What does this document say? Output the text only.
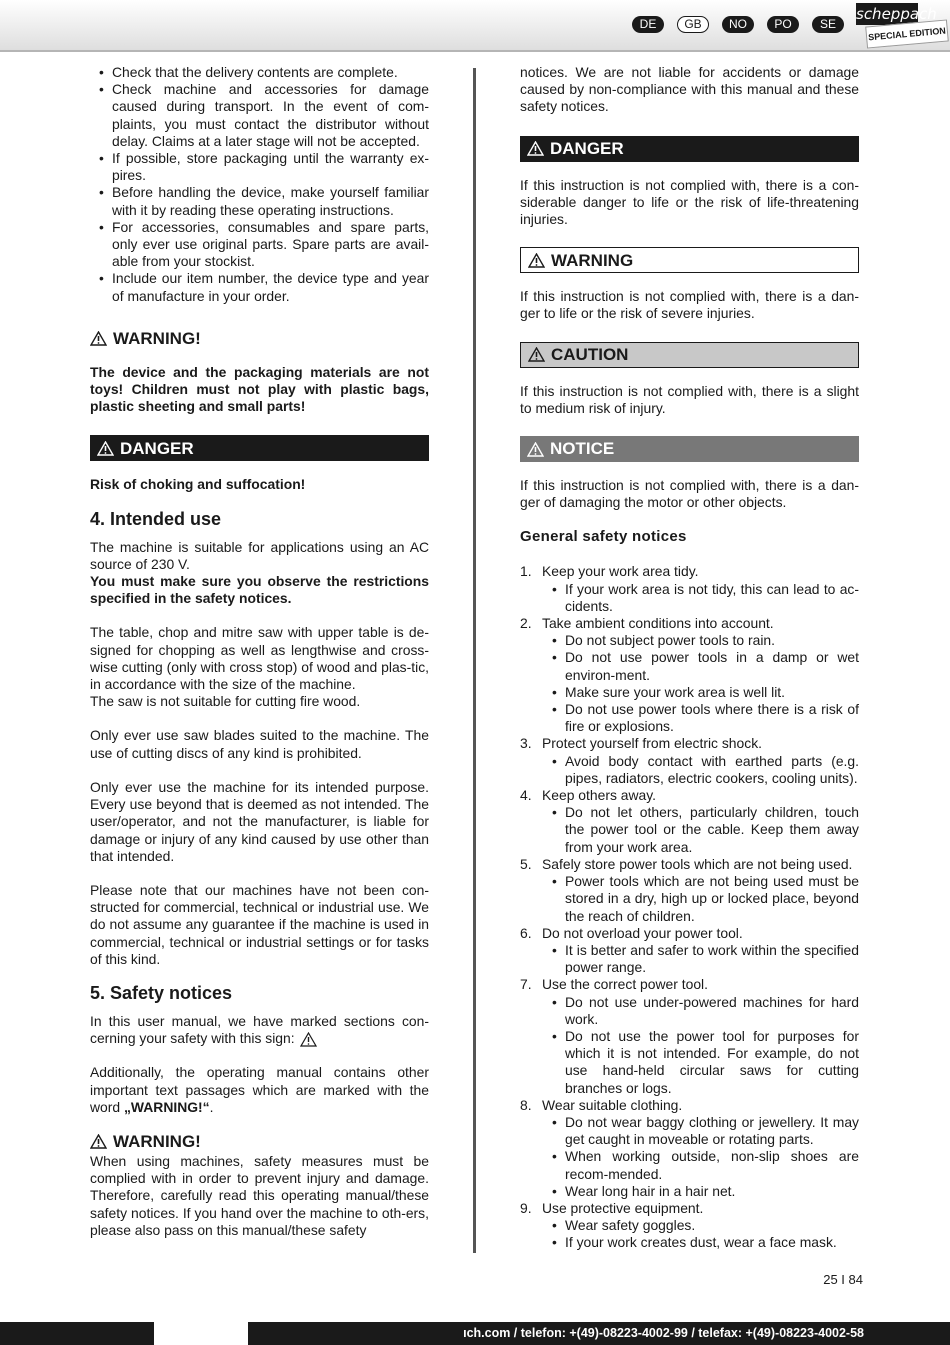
DE	GB	NO	PO	SE
scheppach
SPECIAL EDITION
• Check that the delivery contents are complete.
• Check machine and accessories for damage caused during transport. In the event of com-plaints, you must contact the distributor without delay. Claims at a later stage will not be accepted.
• If possible, store packaging until the warranty ex-pires.
• Before handling the device, make yourself familiar with it by reading these operating instructions.
• For accessories, consumables and spare parts, only ever use original parts. Spare parts are avail-able from your stockist.
• Include our item number, the device type and year of manufacture in your order.
WARNING!

The device and the packaging materials are not toys! Children must not play with plastic bags, plastic sheeting and small parts!

DANGER

Risk of choking and suffocation!

4. Intended use

The machine is suitable for applications using an AC source of 230 V.

You must make sure you observe the restrictions specified in the safety notices.

The table, chop and mitre saw with upper table is de-signed for chopping as well as lengthwise and cross-wise cutting (only with cross stop) of wood and plas-tic, in accordance with the size of the machine.

The saw is not suitable for cutting fire wood.

Only ever use saw blades suited to the machine. The use of cutting discs of any kind is prohibited.

Only ever use the machine for its intended purpose. Every use beyond that is deemed as not intended. The user/operator, and not the manufacturer, is liable for damage or injury of any kind caused by use other than that intended.

Please note that our machines have not been con-structed for commercial, technical or industrial use. We do not assume any guarantee if the machine is used in commercial, technical or industrial settings or for tasks of this kind.

5. Safety notices

In this user manual, we have marked sections con-cerning your safety with this sign:

Additionally, the operating manual contains other important text passages which are marked with the word „WARNING!“.

WARNING!

When using machines, safety measures must be complied with in order to prevent injury and damage. Therefore, carefully read this operating manual/these safety notices. If you hand over the machine to oth-ers, please also pass on this manual/these safety

notices. We are not liable for accidents or damage caused by non-compliance with this manual and these safety notices.

DANGER

If this instruction is not complied with, there is a con-siderable danger to life or the risk of life-threatening injuries.

WARNING

If this instruction is not complied with, there is a dan-ger to life or the risk of severe injuries.

CAUTION

If this instruction is not complied with, there is a slight to medium risk of injury.

NOTICE

If this instruction is not complied with, there is a dan-ger of damaging the motor or other objects.

General safety notices
1. Keep your work area tidy.
• If your work area is not tidy, this can lead to ac-cidents.
2. Take ambient conditions into account.
• Do not subject power tools to rain.
• Do not use power tools in a damp or wet environ-ment.
• Make sure your work area is well lit.
• Do not use power tools where there is a risk of fire or explosions.
3. Protect yourself from electric shock.
• Avoid body contact with earthed parts (e.g. pipes, radiators, electric cookers, cooling units).
4. Keep others away.
• Do not let others, particularly children, touch the power tool or the cable. Keep them away from your work area.
5. Safely store power tools which are not being used.
• Power tools which are not being used must be stored in a dry, high up or locked place, beyond the reach of children.
6. Do not overload your power tool.
• It is better and safer to work within the specified power range.
7. Use the correct power tool.
• Do not use under-powered machines for hard work.
• Do not use the power tool for purposes for which it is not intended. For example, do not use hand-held circular saws for cutting branches or logs.
8. Wear suitable clothing.
• Do not wear baggy clothing or jewellery. It may get caught in moveable or rotating parts.
• When working outside, non-slip shoes are recom-mended.
• Wear long hair in a hair net.
9. Use protective equipment.
• Wear safety goggles.
• If your work creates dust, wear a face mask.
25 I 84
ıch.com / telefon: +(49)-08223-4002-99 / telefax: +(49)-08223-4002-58
